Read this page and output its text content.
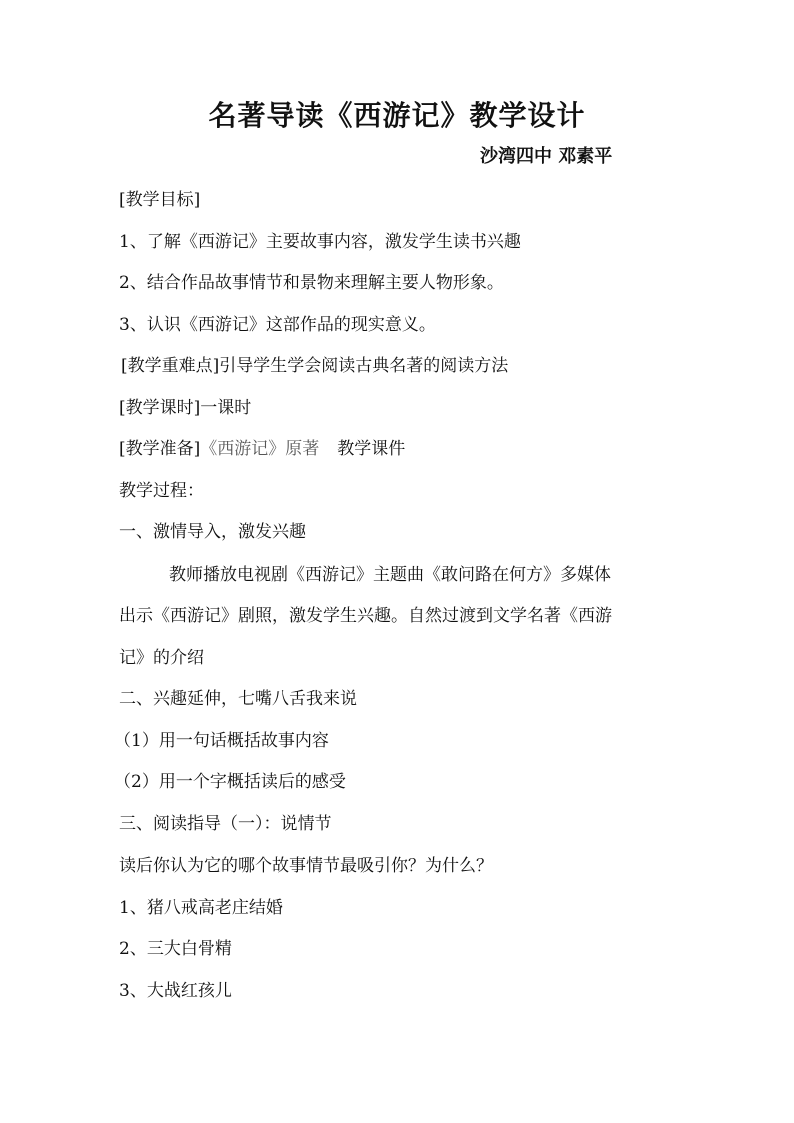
名著导读《西游记》教学设计
沙湾四中 邓素平
[教学目标]
1、了解《西游记》主要故事内容，激发学生读书兴趣
2、结合作品故事情节和景物来理解主要人物形象。
3、认识《西游记》这部作品的现实意义。
[教学重难点]引导学生学会阅读古典名著的阅读方法
[教学课时]一课时
[教学准备]《西游记》原著 教学课件
教学过程：
一、激情导入，激发兴趣
教师播放电视剧《西游记》主题曲《敢问路在何方》多媒体
出示《西游记》剧照，激发学生兴趣。自然过渡到文学名著《西游
记》的介绍
二、兴趣延伸，七嘴八舌我来说
（1）用一句话概括故事内容
（2）用一个字概括读后的感受
三、阅读指导（一）：说情节
读后你认为它的哪个故事情节最吸引你？为什么？
1、猪八戒高老庄结婚
2、三大白骨精
3、大战红孩儿
